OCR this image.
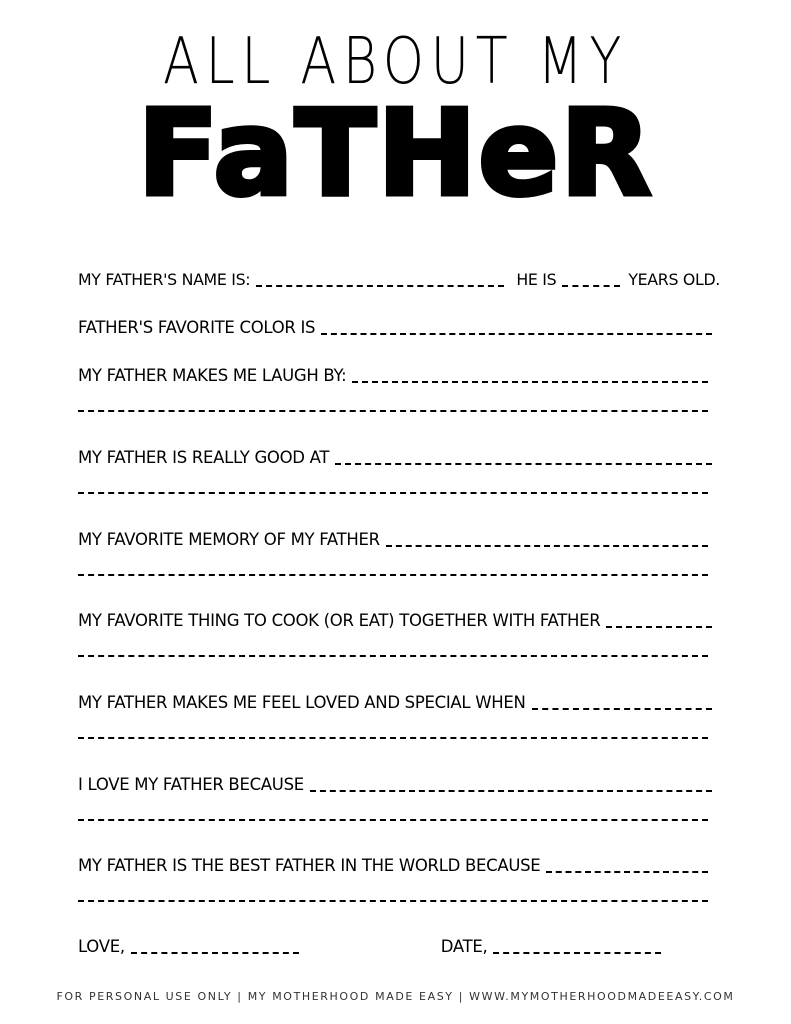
ALL ABOUT MY
FaTHeR
MY FATHER'S NAME IS:	HE IS	YEARS OLD.
FATHER'S FAVORITE COLOR IS
MY FATHER MAKES ME LAUGH BY:
MY FATHER IS REALLY GOOD AT
MY FAVORITE MEMORY OF MY FATHER
MY FAVORITE THING TO COOK (OR EAT) TOGETHER WITH FATHER
MY FATHER MAKES ME FEEL LOVED AND SPECIAL WHEN
I LOVE MY FATHER BECAUSE
MY FATHER IS THE BEST FATHER IN THE WORLD BECAUSE
LOVE,	DATE,
FOR PERSONAL USE ONLY | MY MOTHERHOOD MADE EASY | WWW.MYMOTHERHOODMADEEASY.COM
